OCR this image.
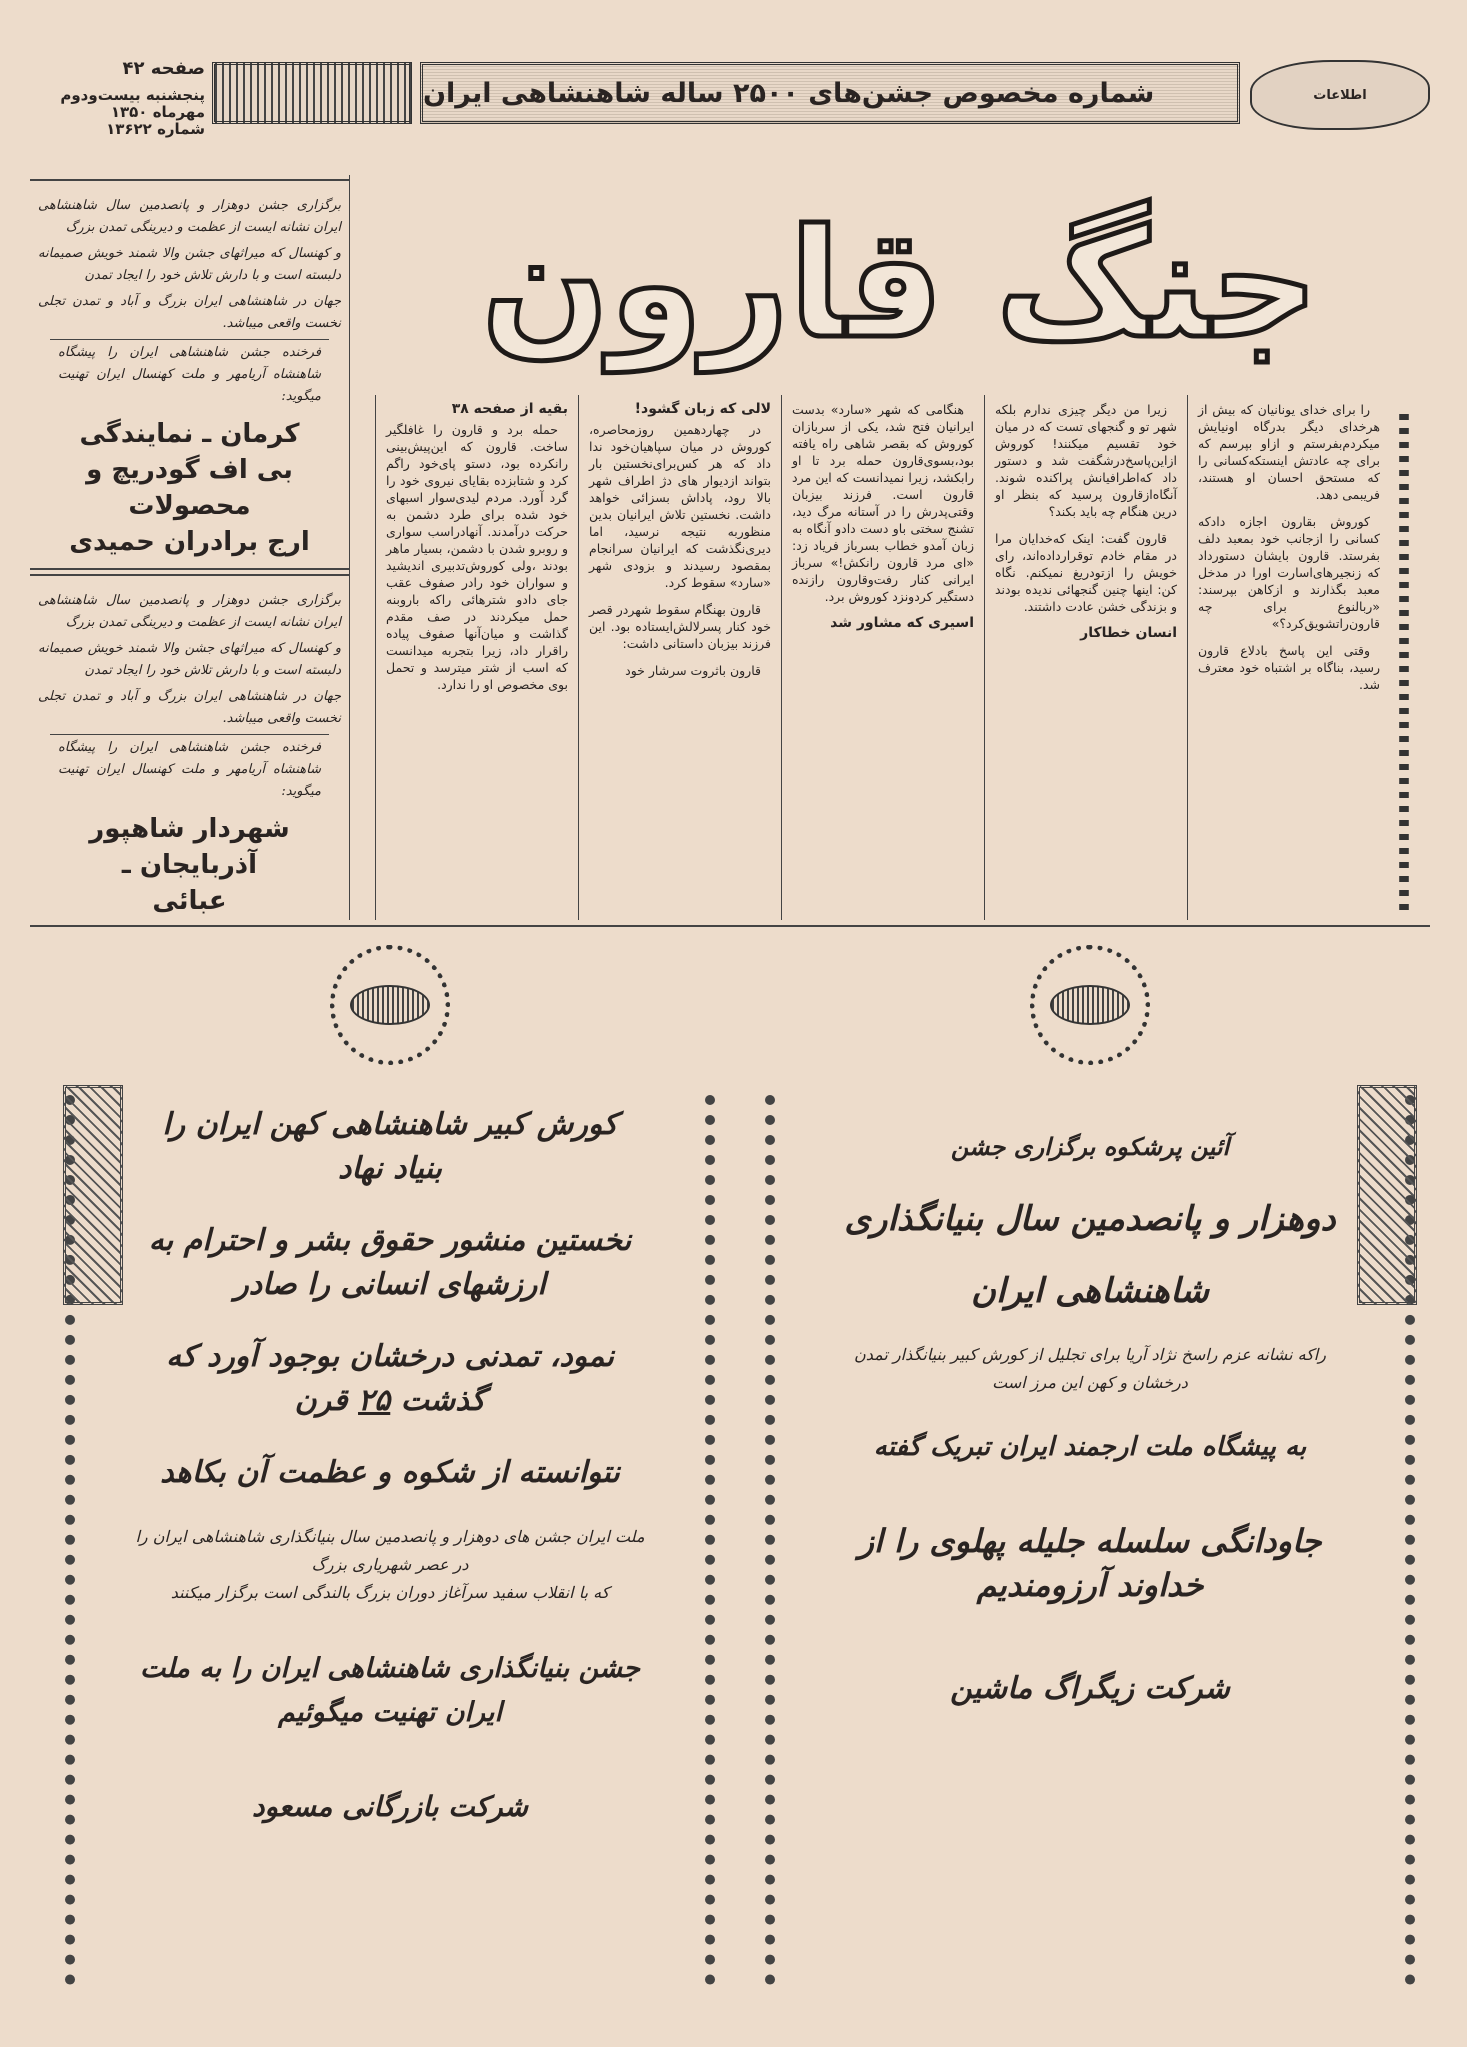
صفحه ۴۲
پنجشنبه بیست‌ودوم
مهرماه ۱۳۵۰
شماره ۱۳۶۲۲
شماره مخصوص جشن‌های ۲۵۰۰ ساله شاهنشاهی ایران	اطلاعات
برگزاری جشن دوهزار و پانصدمین سال شاهنشاهی ایران نشانه ایست از عظمت و دیرینگی تمدن بزرگ
و کهنسال که میراثهای جشن والا شمند خویش صمیمانه دلبسته است و با دارش تلاش خود را ایجاد تمدن
جهان در شاهنشاهی ایران بزرگ و آباد و تمدن تجلی نخست واقعی میباشد.
فرخنده جشن شاهنشاهی ایران را پیشگاه شاهنشاه آریامهر و ملت کهنسال ایران تهنیت میگوید:
کرمان ـ نمایندگی
بی اف گودریچ و محصولات
ارج برادران حمیدی
برگزاری جشن دوهزار و پانصدمین سال شاهنشاهی ایران نشانه ایست از عظمت و دیرینگی تمدن بزرگ
و کهنسال که میراثهای جشن والا شمند خویش صمیمانه دلبسته است و با دارش تلاش خود را ایجاد تمدن
جهان در شاهنشاهی ایران بزرگ و آباد و تمدن تجلی نخست واقعی میباشد.
فرخنده جشن شاهنشاهی ایران را پیشگاه شاهنشاه آریامهر و ملت کهنسال ایران تهنیت میگوید:
شهردار شاهپور آذربایجان ـ
عبائی
جنگ قارون
بقیه از صفحه ۳۸

حمله برد و قارون را غافلگیر ساخت. قارون که این‌پیش‌بینی رانکرده بود، دستو پای‌خود راگم کرد و شتابزده بقایای نیروی خود را گرد آورد. مردم لیدی‌سوار اسبهای خود شده برای طرد دشمن به حرکت درآمدند. آنهادراسب سواری و روبرو شدن با دشمن، بسیار ماهر بودند ،ولی کوروش‌تدبیری اندیشید و سواران خود رادر صفوف عقب جای دادو شترهائی راکه باروبنه حمل میکردند در صف مقدم گذاشت و میان‌آنها صفوف پیاده راقرار داد، زیرا بتجربه میدانست که اسب از شتر میترسد و تحمل بوی مخصوص او را ندارد.

لالی که زبان گشود!

در چهاردهمین روزمحاصره، کوروش در میان سپاهیان‌خود ندا داد که هر کس‌برای‌نخستین بار بتواند ازدیوار های دژ اطراف شهر بالا رود، پاداش بسزائی خواهد داشت. نخستین تلاش ایرانیان بدین منظوربه نتیجه نرسید، اما دیری‌نگذشت که ایرانیان سرانجام بمقصود رسیدند و بزودی شهر «سارد» سقوط کرد.

قارون بهنگام سقوط شهردر قصر خود کنار پسرلالش‌ایستاده بود. این فرزند بیزبان داستانی داشت:

قارون باثروت سرشار خود

هنگامی که شهر «سارد» بدست ایرانیان فتح شد، یکی از سربازان کوروش که بقصر شاهی راه یافته بود،بسوی‌قارون حمله برد تا او رابکشد، زیرا نمیدانست که این مرد قارون است. فرزند بیزبان وقتی‌پدرش را در آستانه مرگ دید، تشنج سختی باو دست دادو آنگاه به زبان آمدو خطاب بسرباز فریاد زد: «ای مرد قارون رانکش!» سرباز ایرانی کنار رفت‌وقارون رازنده دستگیر کردونزد کوروش برد.

اسیری که مشاور شد

زیرا من دیگر چیزی ندارم بلکه شهر تو و گنجهای تست که در میان خود تقسیم میکنند! کوروش ازاین‌پاسخ‌درشگفت شد و دستور داد که‌اطرافیانش پراکنده شوند. آنگاه‌ازقارون پرسید که بنظر او درین هنگام چه باید بکند؟

قارون گفت: اینک که‌خدایان مرا در مقام خادم توقرارداده‌اند، رای خویش را ازتودریغ نمیکنم. نگاه کن: اینها چنین گنجهائی ندیده بودند و بزندگی خشن عادت داشتند.

انسان خطاکار

را برای خدای یونانیان که بیش از هرخدای دیگر بدرگاه اونیایش میکردم‌بفرستم و ازاو بپرسم که برای چه عادتش اینستکه‌کسانی را که مستحق احسان او هستند، فریبمی دهد.

کوروش بقارون اجازه دادکه کسانی را ازجانب خود بمعبد دلف بفرستد. قارون بایشان دستورداد که زنجیرهای‌اسارت اورا در مدخل معبد بگذارند و ازکاهن بپرسند: «ربالنوع برای چه قارون‌راتشویق‌کرد؟»

وقتی این پاسخ بادلاع قارون رسید، بناگاه بر اشتباه خود معترف شد.

آئین پرشکوه برگزاری جشن
دوهزار و پانصدمین سال بنیانگذاری
شاهنشاهی ایران
راکه نشانه عزم راسخ نژاد آریا برای تجلیل از کورش کبیر بنیانگذار تمدن درخشان و کهن این مرز است
به پیشگاه ملت ارجمند ایران تبریک گفته
جاودانگی سلسله جلیله پهلوی را از خداوند آرزومندیم
شرکت زیگراگ ماشین
کورش کبیر شاهنشاهی کهن ایران را بنیاد نهاد
نخستین منشور حقوق بشر و احترام به ارزشهای انسانی را صادر
نمود، تمدنی درخشان بوجود آورد که گذشت ۲۵ قرن
نتوانسته از شکوه و عظمت آن بکاهد
ملت ایران جشن های دوهزار و پانصدمین سال بنیانگذاری شاهنشاهی ایران را در عصر شهریاری بزرگ
که با انقلاب سفید سرآغاز دوران بزرگ بالندگی است برگزار میکنند
جشن بنیانگذاری شاهنشاهی ایران را به ملت ایران تهنیت میگوئیم
شرکت بازرگانی مسعود
